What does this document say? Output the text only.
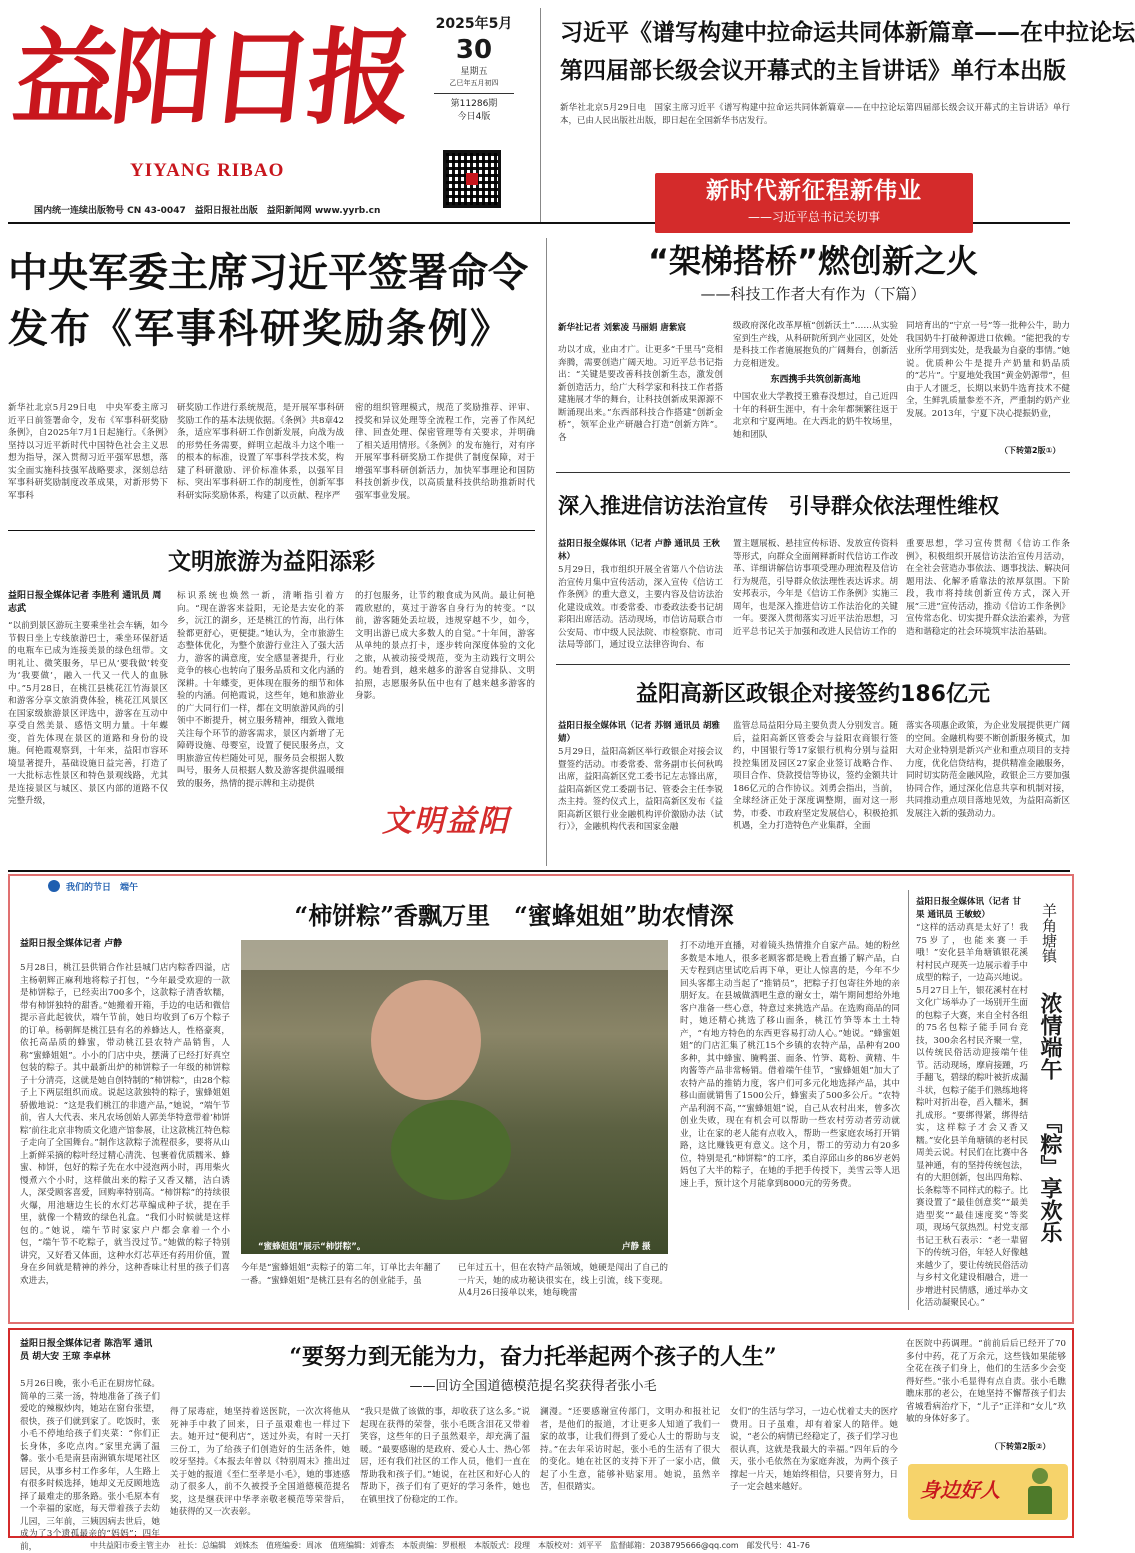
益阳日报
YIYANG RIBAO
国内统一连续出版物号 CN 43-0047　益阳日报社出版　益阳新闻网 www.yyrb.cn
2025年5月
30
星期五
乙巳年五月初四
第11286期
今日4版
习近平《谱写构建中拉命运共同体新篇章——在中拉论坛
第四届部长级会议开幕式的主旨讲话》单行本出版
新华社北京5月29日电　国家主席习近平《谱写构建中拉命运共同体新篇章——在中拉论坛第四届部长级会议开幕式的主旨讲话》单行本，已由人民出版社出版，即日起在全国新华书店发行。
新时代新征程新伟业
——习近平总书记关切事
中央军委主席习近平签署命令
发布《军事科研奖励条例》
新华社北京5月29日电　中央军委主席习近平日前签署命令，发布《军事科研奖励条例》，自2025年7月1日起施行。《条例》坚持以习近平新时代中国特色社会主义思想为指导，深入贯彻习近平强军思想，落实全面实施科技强军战略要求，深刻总结军事科研奖励制度改革成果，对新形势下军事科
研奖励工作进行系统规范，是开展军事科研奖励工作的基本法规依据。《条例》共8章42条，适应军事科研工作创新发展，向战为战的形势任务需要，鲜明立起战斗力这个唯一的根本的标准，设置了军事科学技术奖，构建了科研激励、评价标准体系，以强军目标、突出军事科研工作的制度性，创新军事科研实际奖励体系，构建了以贡献、程序严
密的组织管理模式，规范了奖励推荐、评审、授奖和异议处理等全流程工作，完善了作风纪律、回查处理、保密管理等有关要求，并明确了相关适用情形。《条例》的发布施行，对有序开展军事科研奖励工作提供了制度保障，对于增强军事科研创新活力，加快军事理论和国防科技创新步伐，以高质量科技供给助推新时代强军事业发展。
“架梯搭桥”燃创新之火
——科技工作者大有作为（下篇）
新华社记者 刘紫凌 马丽娟 唐紫宸
功以才成，业由才广。让更多“千里马”竞相奔腾，需要创造广阔天地。习近平总书记指出：“关键是要改善科技创新生态，激发创新创造活力，给广大科学家和科技工作者搭建施展才华的舞台，让科技创新成果源源不断涌现出来。”东西部科技合作搭建“创新金桥”，领军企业产研融合打造“创新方阵”。各
级政府深化改革厚植“创新沃土”……从实验室到生产线，从科研院所到产业园区，处处是科技工作者施展抱负的广阔舞台，创新活力竞相迸发。
东西携手共筑创新高地
中国农业大学教授王雅春没想过，自己近四十年的科研生涯中，有十余年都频繁往返于北京和宁夏两地。在大西北的奶牛牧场里，她和团队
同培育出的“宁京一号”等一批种公牛，助力我国奶牛打破种源进口依赖。“能把我的专业所学用到实处，是我最为自豪的事情。”她说。优质种公牛是提升产奶量和奶品质的“芯片”。宁夏地处我国“黄金奶源带”，但由于人才匮乏，长期以来奶牛选育技术不健全，生鲜乳质量参差不齐，严重制约奶产业发展。2013年，宁夏下决心提振奶业，
（下转第2版①）
深入推进信访法治宣传　引导群众依法理性维权
益阳日报全媒体讯（记者 卢静 通讯员 王秋林）
5月29日，我市组织开展全省第八个信访法治宣传月集中宣传活动，深入宣传《信访工作条例》的重大意义，主要内容及信访法治化建设成效。市委常委、市委政法委书记胡彩阳出席活动。活动现场，市信访局联合市公安局、市中级人民法院、市检察院、市司法局等部门，通过设立法律咨询台、布
置主题展板、悬挂宣传标语、发放宣传资料等形式，向群众全面阐释新时代信访工作改革、详细讲解信访事项受理办理流程及信访行为规范，引导群众依法理性表达诉求。胡安邦表示，今年是《信访工作条例》实施三周年，也是深入推进信访工作法治化的关键一年。要深入贯彻落实习近平法治思想，习近平总书记关于加强和改进人民信访工作的
重要思想，学习宣传贯彻《信访工作条例》，积极组织开展信访法治宣传月活动，在全社会营造办事依法、遇事找法、解决问题用法、化解矛盾靠法的浓厚氛围。下阶段，我市将持续创新宣传方式，深入开展“三进”宣传活动，推动《信访工作条例》宣传常态化、切实提升群众法治素养，为营造和谐稳定的社会环境筑牢法治基础。
益阳高新区政银企对接签约186亿元
益阳日报全媒体讯（记者 苏钢 通讯员 胡雅婧）
5月29日，益阳高新区举行政银企对接会议暨签约活动。市委常委、常务副市长何秋鸣出席，益阳高新区党工委书记左志锋出席，益阳高新区党工委副书记、管委会主任李锐杰主持。签约仪式上，益阳高新区发布《益阳高新区银行业金融机构评价激励办法（试行）》，金融机构代表和国家金融
监管总局益阳分局主要负责人分别发言。随后，益阳高新区管委会与益阳农商银行签约，中国银行等17家银行机构分别与益阳投控集团及园区27家企业签订战略合作、项目合作、贷款授信等协议，签约金额共计186亿元的合作协议。刘勇会指出，当前，全球经济正处于深度调整期，面对这一形势，市委、市政府坚定发展信心，积极抢抓机遇，全力打造特色产业集群，全面
落实各项惠企政策，为企业发展提供更广阔的空间。金融机构要不断创新服务模式，加大对企业特别是新兴产业和重点项目的支持力度，优化信贷结构，提供精准金融服务，同时切实防范金融风险，政银企三方要加强协同合作，通过深化信息共享和机制对接，共同推动重点项目落地见效，为益阳高新区发展注入新的强劲动力。
文明旅游为益阳添彩
益阳日报全媒体记者 李胜利 通讯员 周志武
“以前到景区游玩主要乘坐社会车辆，如今节假日坐上专线旅游巴士，乘坐环保舒适的电瓶车已成为连接美景的绿色纽带。文明礼让、微笑服务，早已从‘要我做’转变为‘我要做’，融入一代又一代人的血脉中。”5月28日，在桃江县桃花江竹海景区和游客分享文旅消费体验，桃花江风景区在国家级旅游景区评选中，游客在互动中享受自然美景、感悟文明力量。十年蝶变，首先体现在景区的道路和身份的设施。何艳霞观察到，十年来，益阳市容环境显著提升，基础设施日益完善，打造了一大批标志性景区和特色景观线路，尤其是连接景区与城区、景区内部的道路不仅完整升级，
标识系统也焕然一新，清晰指引着方向。“现在游客来益阳，无论是去安化的茶乡，沅江的湖乡，还是桃江的竹海，出行体验都更舒心，更便捷。”她认为，全市旅游生态整体优化，为整个旅游行业注入了强大活力，游客的满意度，安全感显著提升，行业竞争的核心也转向了服务品质和文化内涵的深耕。十年蝶变，更体现在服务的细节和体验的内涵。何艳霞说，这些年，她和旅游业的广大同行们一样，都在文明旅游风尚的引领中不断提升，树立服务精神，细致入微地关注每个环节的游客需求，景区内新增了无障碍设施、母婴室，设置了便民服务点，文明旅游宣传栏随处可见，服务员会根据人数叫号，服务人员根据人数及游客提供温暖细致的服务，热情的提示牌和主动提供
的打包服务，让节约粮食成为风尚。最让何艳霞欣慰的，莫过于游客自身行为的转变。“以前，游客随处丢垃圾，违规穿越不少，如今，文明出游已成大多数人的自觉。”十年间，游客从单纯的景点打卡，逐步转向深度体验的文化之旅，从被动接受规范，变为主动践行文明公约。她看到，越来越多的游客自觉排队、文明拍照，志愿服务队伍中也有了越来越多游客的身影。
文明益阳
我们的节日　端午
“柿饼粽”香飘万里　“蜜蜂姐姐”助农情深
益阳日报全媒体记者 卢静
5月28日，桃江县供销合作社县城门店内粽香四溢，店主杨朝辉正麻利地将粽子打包，“今年最受欢迎的一款是柿饼粽子，已经卖出700多个，这款粽子清香软糯，带有柿饼独特的甜香。”她搬着开箱，手边的电话和微信提示音此起彼伏，端午节前，她日均收到了6万个粽子的订单。杨朝辉是桃江县有名的养蜂达人，性格豪爽，依托高品质的蜂蜜，带动桃江县农特产品销售，人称“蜜蜂姐姐”。小小的门店中央，摆满了已经打好真空包装的粽子。其中最新出炉的柿饼粽子一年级的柿饼粽子十分清亮，这就是她自创特制的“柿饼粽”，由28个粽子上下两层组织而成。说起这款独特的粽子，蜜蜂姐姐骄傲地说：“这是我们桃江的非遗产品，”她说，“端午节前，省人大代表、来凡农场创始人郭美华特意带着‘柿饼粽’前往北京非物质文化遗产馆参展，让这款桃江特色粽子走向了全国舞台。”制作这款粽子流程很多，要将从山上新鲜采摘的粽叶经过精心清洗、包裹着优质糯米、蜂蜜、柿饼，包好的粽子先在水中浸泡两小时，再用柴火慢煮六个小时，这样做出来的粽子又香又糯，洁白诱人，深受顾客喜爱，回购率特别高。“柿饼粽”的持续很火爆，用池塘边生长的水灯芯草编成种子状，提在手里，就像一个精致的绿色礼盒。“我们小时候就是这样包的。”她说，端午节时家家户户都会拿着一个小包，“端午节不吃粽子，就当没过节。”她做的粽子特别讲究，又好看又体面，这种水灯芯草还有药用价值，置身在乡间就是精神的养分，这种香味让村里的孩子们喜欢进去，
“蜜蜂姐姐”展示“柿饼粽”。	卢静 摄
今年是“蜜蜂姐姐”卖粽子的第二年，订单比去年翻了一番。“蜜蜂姐姐”是桃江县有名的创业能手，虽
已年过五十，但在农特产品领域，她硬是闯出了自己的一片天，她的成功秘诀很实在，线上引流，线下变现。从4月26日接单以来，她每晚雷
打不动地开直播，对着镜头热情推介自家产品。她的粉丝多数是本地人，很多老顾客都是晚上看直播了解产品，白天专程到店里试吃后再下单，更让人惊喜的是，今年不少回头客都主动当起了“推销员”，把粽子打包寄往外地的亲朋好友。在县城做酒吧生意的谢女士，端午期间想给外地客户准备一些心意，特意过来挑选产品。在选购商品的同时，她还精心挑选了移山面条，桃江竹笋等本土土特产，“有地方特色的东西更容易打动人心。”她说。“蜂蜜姐姐”的门店汇集了桃江15个乡镇的农特产品，品种有200多种，其中蜂蜜、腌鸭蛋、面条、竹笋、葛粉、黄精、牛肉酱等产品非常畅销。借着端午佳节，“蜜蜂姐姐”加大了农特产品的推销力度，客户们可多元化地选择产品，其中移山面就销售了1500公斤，蜂蜜卖了500多公斤。“农特产品利润不高，”“蜜蜂姐姐”说，自己从农村出来，曾多次创业失败，现在有机会可以帮助一些农村劳动者劳动就业，让在家的老人能有点收入，帮助一些家庭农场打开销路，这比赚钱更有意义。这个月，帮工的劳动力有20多位，特别是孔“柿饼粽”的工序，柔自淳邱山乡的86岁老妈妈包了大半的粽子，在她的手把手传授下，美雪云等人迅速上手，预计这个月能拿到8000元的劳务费。
益阳日报全媒体讯（记者 甘果 通讯员 王敏蛟）
“这样的活动真是太好了！我75岁了，也能来赛一手哦！”安化县羊角塘镇银花溪村村民卢现英一边展示着手中成型的粽子，一边高兴地说。5月27日上午，银花溪村在村文化广场举办了一场别开生面的包粽子大赛，来自全村各组的75名包粽子能手同台竞技，300余名村民齐聚一堂，以传统民俗活动迎接端午佳节。活动现场，摩肩接踵，巧手翻飞，碧绿的粽叶被折成漏斗状，包粽子能手们熟练地将粽叶对折出卷，舀入糯米，捆扎成形。“要绑得紧，绑得结实，这样粽子才会又香又糯。”安化县羊角塘镇的老村民周美云说。村民们在比赛中各显神通，有的坚持传统包法，有的大胆创新，包出四角粽、长条粽等不同样式的粽子。比赛设置了“最佳创意奖”“最美造型奖”“最佳速度奖”等奖项，现场气氛热烈。村党支部书记王秋石表示：“老一辈留下的传统习俗，年轻人好像越来越少了，要让传统民俗活动与乡村文化建设相融合，进一步增进村民情感，通过举办文化活动凝聚民心。”
羊角塘镇
浓情端午
『粽』享欢乐
益阳日报全媒体记者 陈浩军 通讯员 胡大安 王琼 李卓林	“要努力到无能为力，奋力托举起两个孩子的人生”
——回访全国道德模范提名奖获得者张小毛
5月26日晚，张小毛正在厨房忙碌。简单的三菜一汤，特地准备了孩子们爱吃的辣椒炒肉，她站在窗台张望，很快，孩子们就到家了。吃饭时，张小毛不停地给孩子们夹菜：“你们正长身体，多吃点肉。”家里充满了温馨。张小毛是南县南洲镇东堤尾社区居民，从事乡村工作多年，人生路上有很多时候选择，她却义无反顾地选择了最难走的那条路。张小毛原本有一个幸福的家庭，每天带着孩子去幼儿园，三年前，三姨因病去世后，她成为了3个遗孤最亲的“妈妈”；四年前，
得了尿毒症，她坚持着送医院，一次次将他从死神手中救了回来，日子虽艰难也一样过下去。她开过“便利店”，送过外卖，有时一天打三份工，为了给孩子们创造好的生活条件，她咬牙坚持。《本报去年曾以《特别周末》推出过关于她的报道《至仁至孝是小毛》，她的事迹感动了很多人，前不久被授予全国道德模范提名奖，这是继获评中华孝亲敬老模范等荣誉后，她获得的又一次表彰。
“我只是做了该做的事，却收获了这么多。”说起现在获得的荣誉，张小毛既含泪花又带着笑容，这些年的日子虽然艰辛，却充满了温暖。“最要感谢的是政府、爱心人士、热心邻居，还有我们社区的工作人员，他们一直在帮助我和孩子们。”她说，在社区和好心人的帮助下，孩子们有了更好的学习条件，她也在镇里找了份稳定的工作。
澜漫。“还要感谢宣传部门，文明办和报社记者，是他们的报道，才让更多人知道了我们一家的故事，让我们得到了爱心人士的帮助与支持。”在去年采访时起，张小毛的生活有了很大的变化。她在社区的支持下开了一家小店，做起了小生意，能够补贴家用。她说，虽然辛苦，但很踏实。
女们”的生活与学习，一边心忧着丈夫的医疗费用。日子虽难，却有着家人的陪伴。她说，“老公的病情已经稳定了，孩子们学习也很认真，这就是我最大的幸福。”四年后的今天，张小毛依然在为家庭奔波，为两个孩子撑起一片天，她始终相信，只要肯努力，日子一定会越来越好。
在医院中药调理。“前前后后已经开了70多付中药，花了万余元，这些钱如果能够全花在孩子们身上，他们的生活多少会变得好些。”张小毛显得有点自责。张小毛瞧瞧床那的老公，在她坚持不懈帮孩子们去省城看病治疗下，“儿子”正洋和“女儿”玖敏的身体好多了。
（下转第2版②）
身边好人
中共益阳市委主管主办　社长：总编辑　刘姝杰　值班编委：周冰　值班编辑：刘睿杰　本版责编：罗根根　本版版式：段理　本版校对：刘平平　监督邮箱：2038795666@qq.com　邮发代号：41-76
